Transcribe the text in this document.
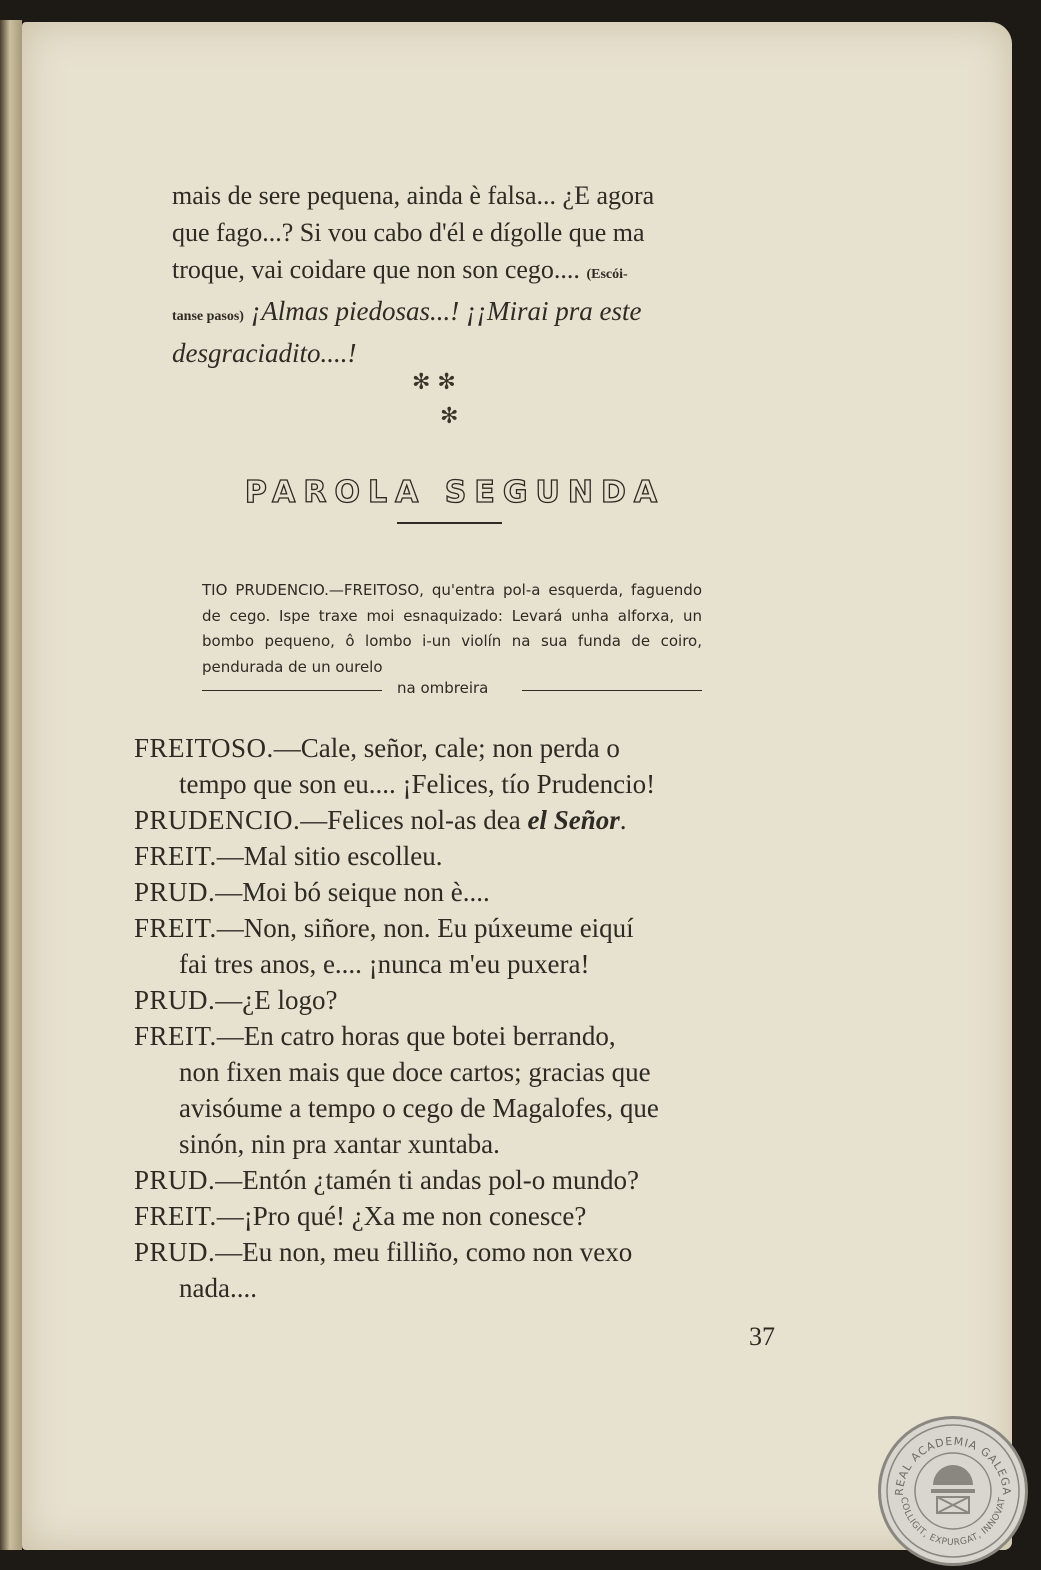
mais de sere pequena, ainda è falsa... ¿E agora
que fago...? Si vou cabo d'él e dígolle que ma
troque, vai coidare que non son cego.... (Escói-
tanse pasos) ¡Almas piedosas...! ¡¡Mirai pra este
desgraciadito....!

✻ ✻
✻
PAROLA SEGUNDA

TIO PRUDENCIO.—FREITOSO, qu'entra pol-a esquerda, faguendo de cego. Ispe traxe moi esnaquizado: Levará unha alforxa, un bombo pequeno, ô lombo i-un violín na sua funda de coiro, pendurada de un ourelo

na ombreira
FREITOSO.—Cale, señor, cale; non perda o
tempo que son eu.... ¡Felices, tío Prudencio!
PRUDENCIO.—Felices nol-as dea el Señor.
FREIT.—Mal sitio escolleu.
PRUD.—Moi bó seique non è....
FREIT.—Non, siñore, non. Eu púxeume eiquí
fai tres anos, e.... ¡nunca m'eu puxera!
PRUD.—¿E logo?
FREIT.—En catro horas que botei berrando,
non fixen mais que doce cartos; gracias que
avisóume a tempo o cego de Magalofes, que
sinón, nin pra xantar xuntaba.
PRUD.—Entón ¿tamén ti andas pol-o mundo?
FREIT.—¡Pro qué! ¿Xa me non conesce?
PRUD.—Eu non, meu filliño, como non vexo
nada....
37
REAL ACADEMIA GALEGA
COLLIGIT, EXPURGAT, INNOVAT
